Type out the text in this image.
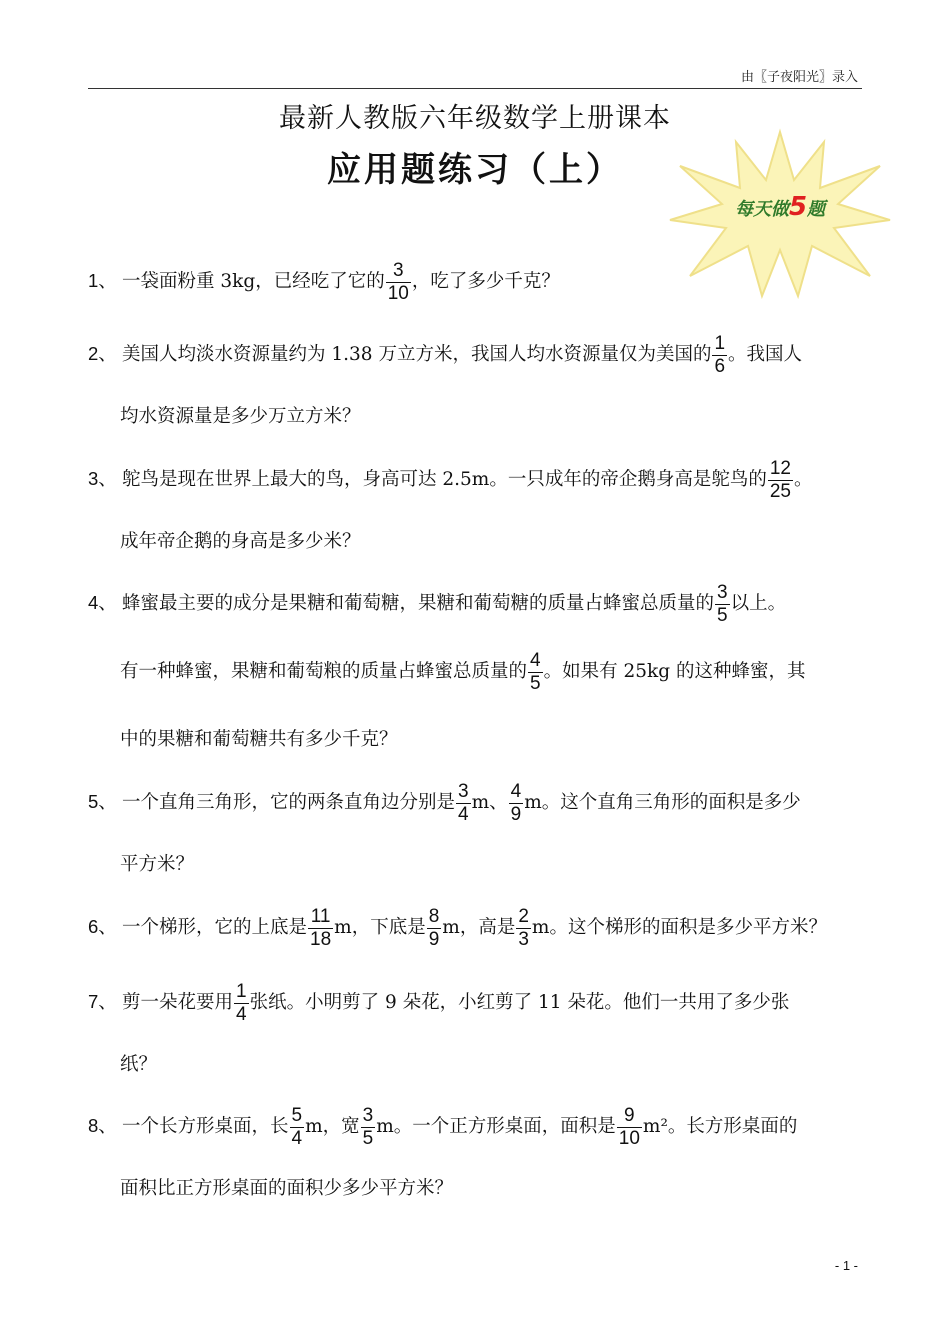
由〖子夜阳光〗录入
最新人教版六年级数学上册课本
应用题练习（上）
每天做5题
1、 一袋面粉重 3kg，已经吃了它的 $\frac{3}{10}$ ，吃了多少千克？
2、 美国人均淡水资源量约为 1.38 万立方米，我国人均水资源量仅为美国的 $\frac{1}{6}$ 。我国人
均水资源量是多少万立方米？
3、 鸵鸟是现在世界上最大的鸟，身高可达 2.5m。一只成年的帝企鹅身高是鸵鸟的 $\frac{12}{25}$ 。
成年帝企鹅的身高是多少米？
4、 蜂蜜最主要的成分是果糖和葡萄糖，果糖和葡萄糖的质量占蜂蜜总质量的 $\frac{3}{5}$ 以上。
有一种蜂蜜，果糖和葡萄粮的质量占蜂蜜总质量的 $\frac{4}{5}$ 。如果有 25kg 的这种蜂蜜，其
中的果糖和葡萄糖共有多少千克？
5、 一个直角三角形，它的两条直角边分别是 $\frac{3}{4}$ m、 $\frac{4}{9}$ m。这个直角三角形的面积是多少
平方米？
6、 一个梯形，它的上底是 $\frac{11}{18}$ m，下底是 $\frac{8}{9}$ m，高是 $\frac{2}{3}$ m。这个梯形的面积是多少平方米？
7、 剪一朵花要用 $\frac{1}{4}$ 张纸。小明剪了 9 朵花，小红剪了 11 朵花。他们一共用了多少张
纸？
8、 一个长方形桌面，长 $\frac{5}{4}$ m，宽 $\frac{3}{5}$ m。一个正方形桌面，面积是 $\frac{9}{10} m^2$。长方形桌面的
面积比正方形桌面的面积少多少平方米？
- 1 -
